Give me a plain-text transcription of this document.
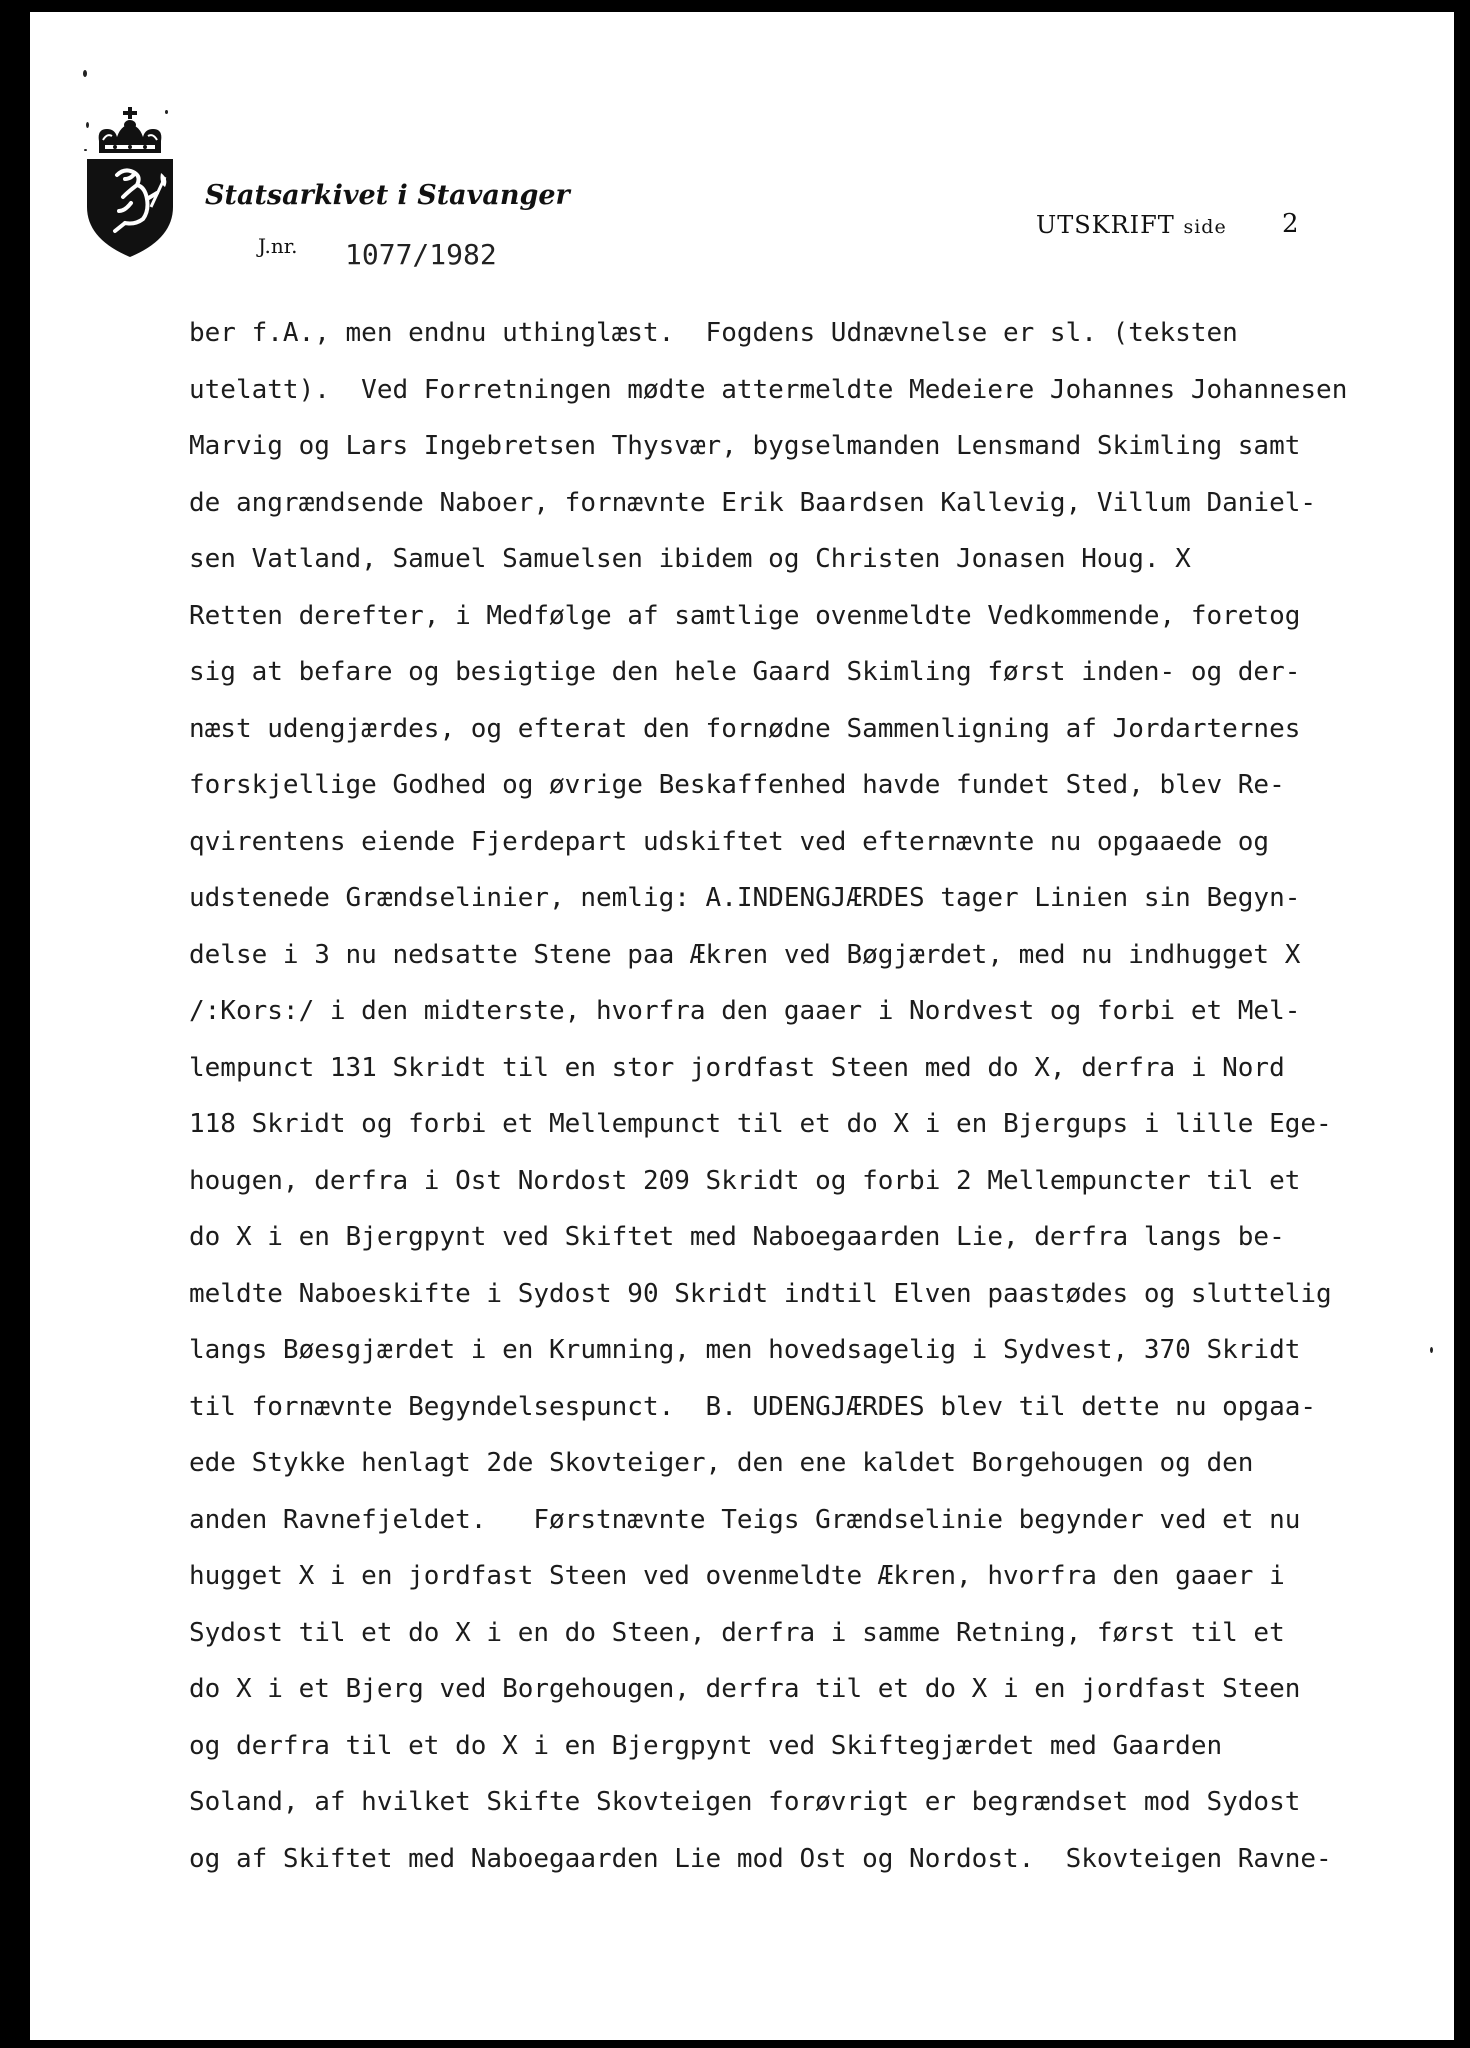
Statsarkivet i Stavanger
J.nr. 1077/1982
UTSKRIFT side 2
ber f.A., men endnu uthinglæst.  Fogdens Udnævnelse er sl. (teksten
utelatt).  Ved Forretningen mødte attermeldte Medeiere Johannes Johannesen
Marvig og Lars Ingebretsen Thysvær, bygselmanden Lensmand Skimling samt
de angrændsende Naboer, fornævnte Erik Baardsen Kallevig, Villum Daniel-
sen Vatland, Samuel Samuelsen ibidem og Christen Jonasen Houg. X
Retten derefter, i Medfølge af samtlige ovenmeldte Vedkommende, foretog
sig at befare og besigtige den hele Gaard Skimling først inden- og der-
næst udengjærdes, og efterat den fornødne Sammenligning af Jordarternes
forskjellige Godhed og øvrige Beskaffenhed havde fundet Sted, blev Re-
qvirentens eiende Fjerdepart udskiftet ved efternævnte nu opgaaede og
udstenede Grændselinier, nemlig: A.INDENGJÆRDES tager Linien sin Begyn-
delse i 3 nu nedsatte Stene paa Ækren ved Bøgjærdet, med nu indhugget X
/:Kors:/ i den midterste, hvorfra den gaaer i Nordvest og forbi et Mel-
lempunct 131 Skridt til en stor jordfast Steen med do X, derfra i Nord
118 Skridt og forbi et Mellempunct til et do X i en Bjergups i lille Ege-
hougen, derfra i Ost Nordost 209 Skridt og forbi 2 Mellempuncter til et
do X i en Bjergpynt ved Skiftet med Naboegaarden Lie, derfra langs be-
meldte Naboeskifte i Sydost 90 Skridt indtil Elven paastødes og sluttelig
langs Bøesgjærdet i en Krumning, men hovedsagelig i Sydvest, 370 Skridt
til fornævnte Begyndelsespunct.  B. UDENGJÆRDES blev til dette nu opgaa-
ede Stykke henlagt 2de Skovteiger, den ene kaldet Borgehougen og den
anden Ravnefjeldet.   Førstnævnte Teigs Grændselinie begynder ved et nu
hugget X i en jordfast Steen ved ovenmeldte Ækren, hvorfra den gaaer i
Sydost til et do X i en do Steen, derfra i samme Retning, først til et
do X i et Bjerg ved Borgehougen, derfra til et do X i en jordfast Steen
og derfra til et do X i en Bjergpynt ved Skiftegjærdet med Gaarden
Soland, af hvilket Skifte Skovteigen forøvrigt er begrændset mod Sydost
og af Skiftet med Naboegaarden Lie mod Ost og Nordost.  Skovteigen Ravne-
